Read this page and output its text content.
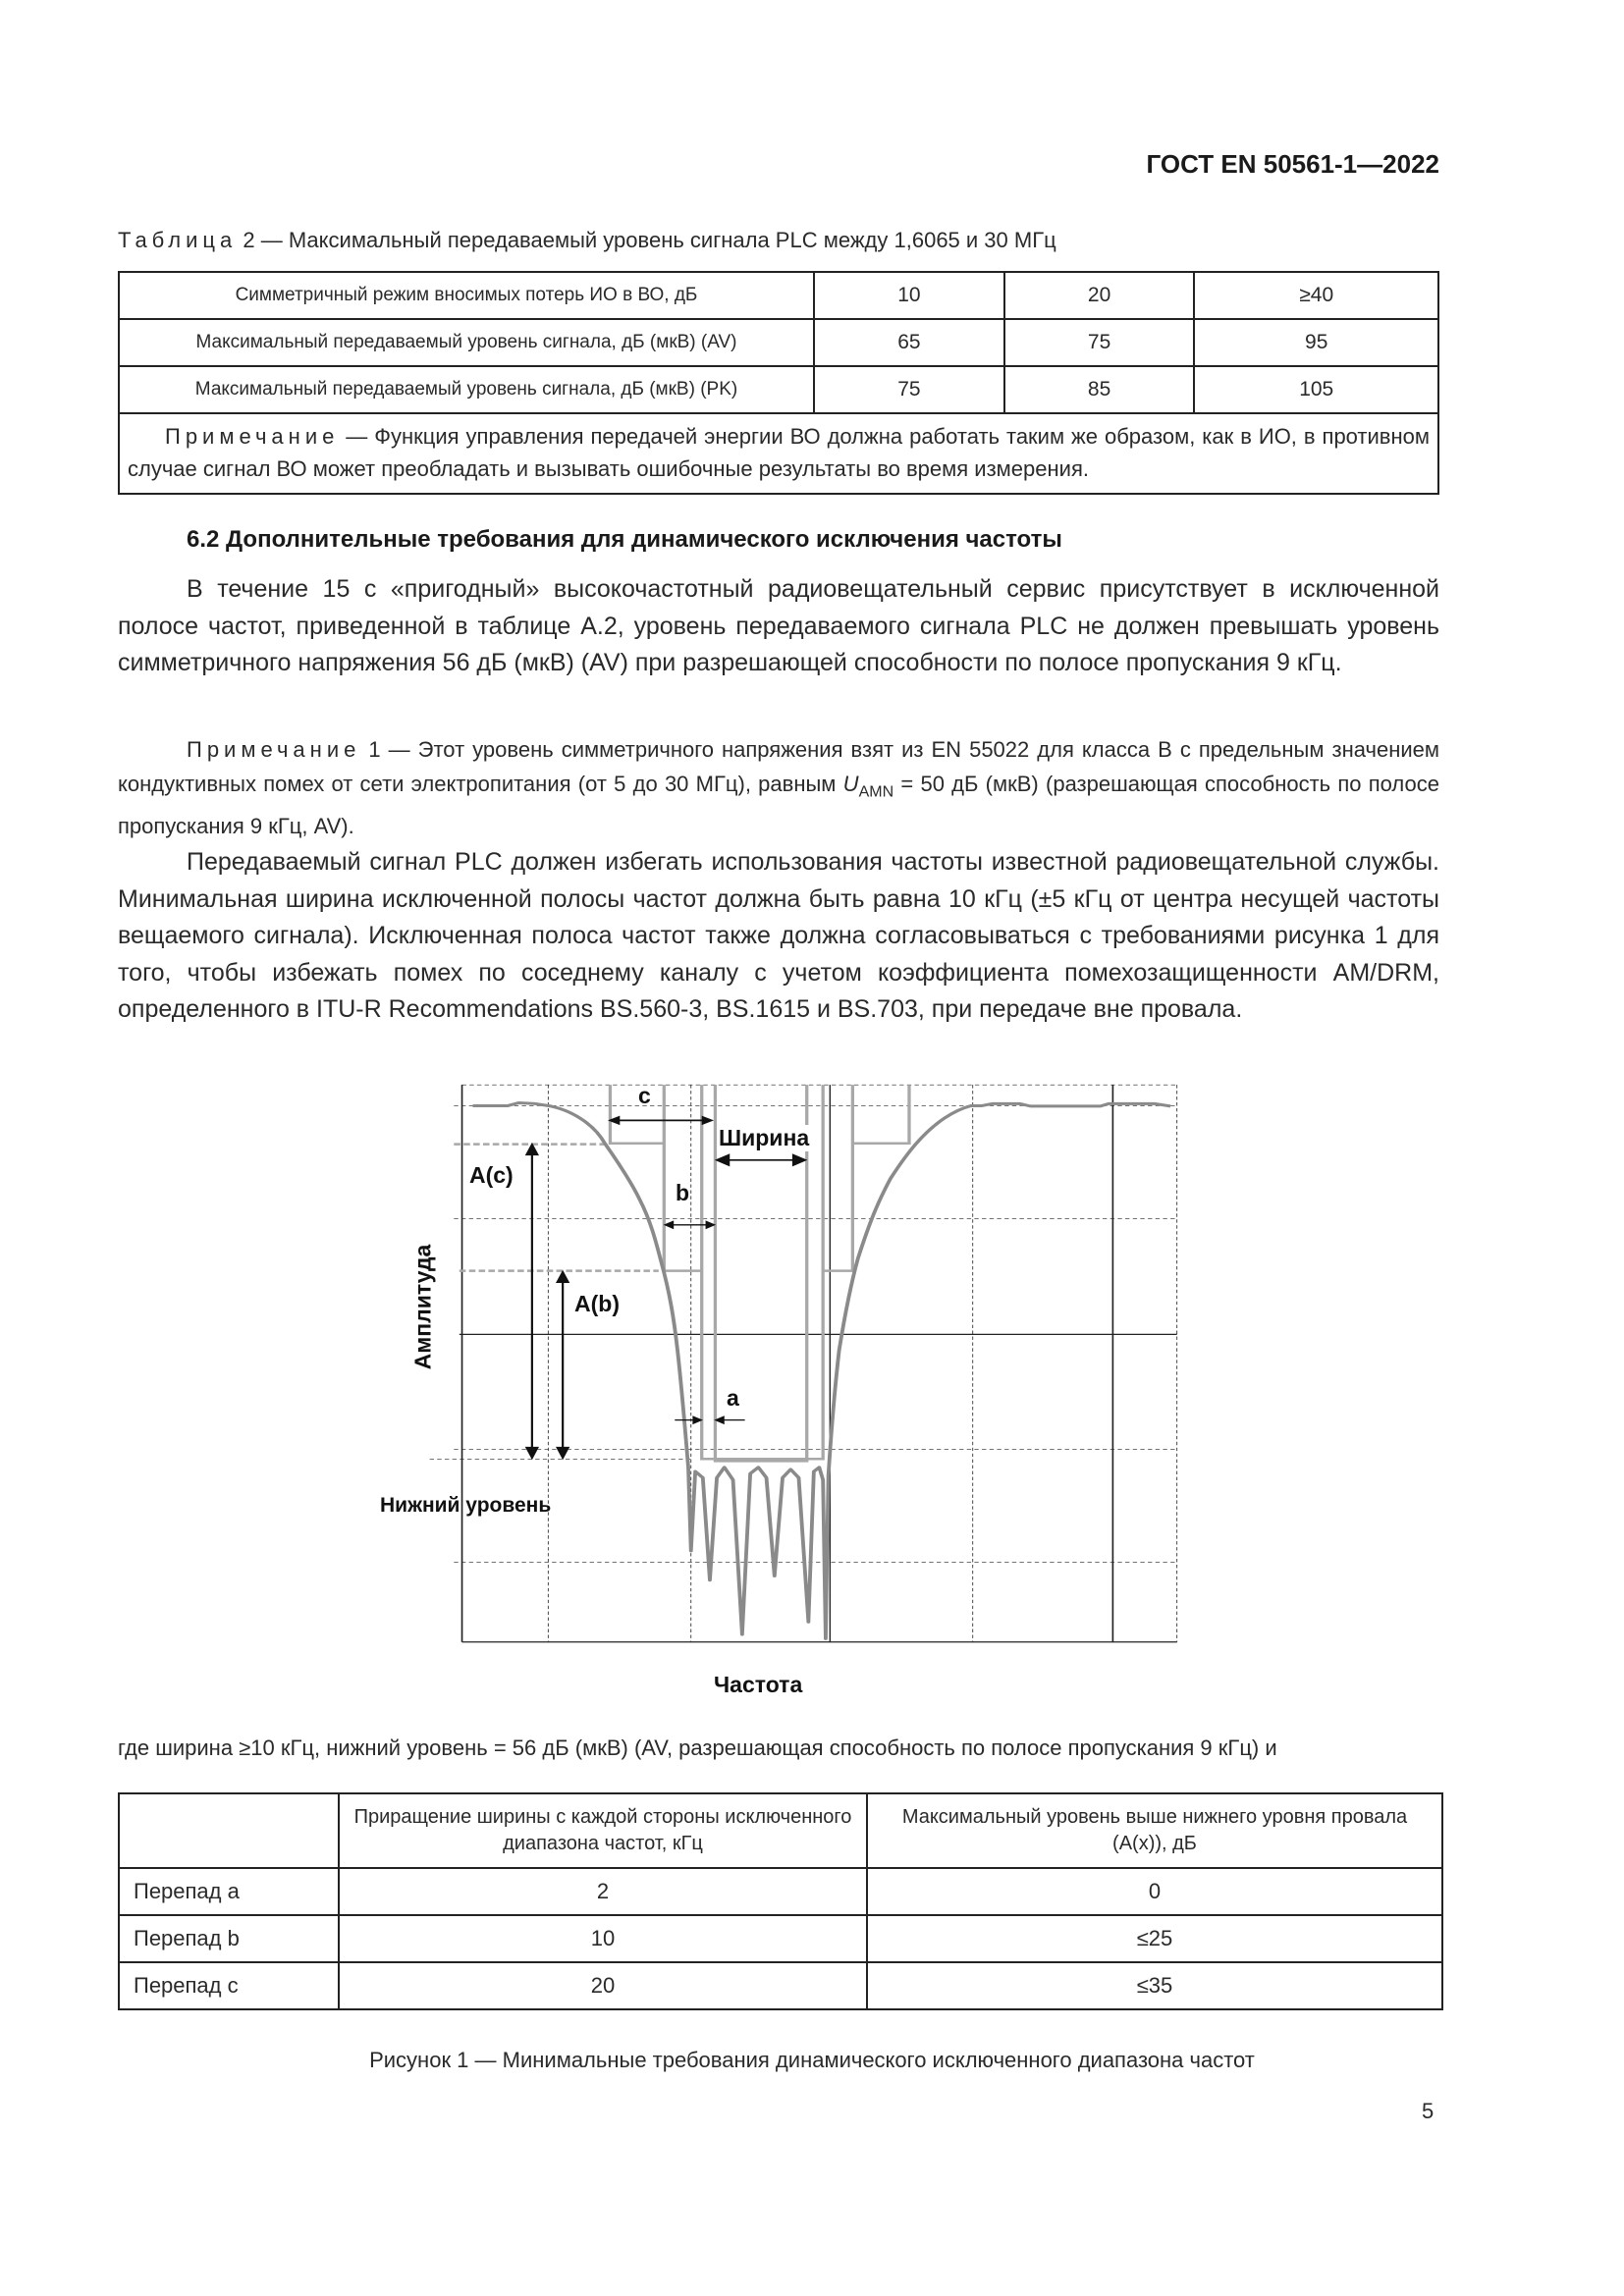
ГОСТ EN 50561-1—2022
Таблица 2 — Максимальный передаваемый уровень сигнала PLC между 1,6065 и 30 МГц
Симметричный режим вносимых потерь ИО в ВО, дБ	10	20	≥40
Максимальный передаваемый уровень сигнала, дБ (мкВ) (AV)	65	75	95
Максимальный передаваемый уровень сигнала, дБ (мкВ) (PK)	75	85	105
Примечание — Функция управления передачей энергии ВО должна работать таким же образом, как в ИО, в противном случае сигнал ВО может преобладать и вызывать ошибочные результаты во время измерения.			
6.2 Дополнительные требования для динамического исключения частоты
В течение 15 с «пригодный» высокочастотный радиовещательный сервис присутствует в исключенной полосе частот, приведенной в таблице А.2, уровень передаваемого сигнала PLC не должен превышать уровень симметричного напряжения 56 дБ (мкВ) (AV) при разрешающей способности по полосе пропускания 9 кГц.
Примечание 1 — Этот уровень симметричного напряжения взят из EN 55022 для класса В с предельным значением кондуктивных помех от сети электропитания (от 5 до 30 МГц), равным $U_{AMN} = 50$ дБ (мкВ) (разрешающая способность по полосе пропускания 9 кГц, AV).
Передаваемый сигнал PLC должен избегать использования частоты известной радиовещательной службы. Минимальная ширина исключенной полосы частот должна быть равна 10 кГц (±5 кГц от центра несущей частоты вещаемого сигнала). Исключенная полоса частот также должна согласовываться с требованиями рисунка 1 для того, чтобы избежать помех по соседнему каналу с учетом коэффициента помехозащищенности AM/DRM, определенного в ITU-R Recommendations BS.560-3, BS.1615 и BS.703, при передаче вне провала.
c
Ширина
A(c)
b
A(b)
a
Амплитуда
Нижний уровень
Частота
где ширина ≥10 кГц, нижний уровень = 56 дБ (мкВ) (AV, разрешающая способность по полосе пропускания 9 кГц) и
	Приращение ширины с каждой стороны исключенного диапазона частот, кГц	Максимальный уровень выше нижнего уровня провала (A(x)), дБ
Перепад а	2	0
Перепад b	10	≤25
Перепад c	20	≤35
Рисунок 1 — Минимальные требования динамического исключенного диапазона частот
5
